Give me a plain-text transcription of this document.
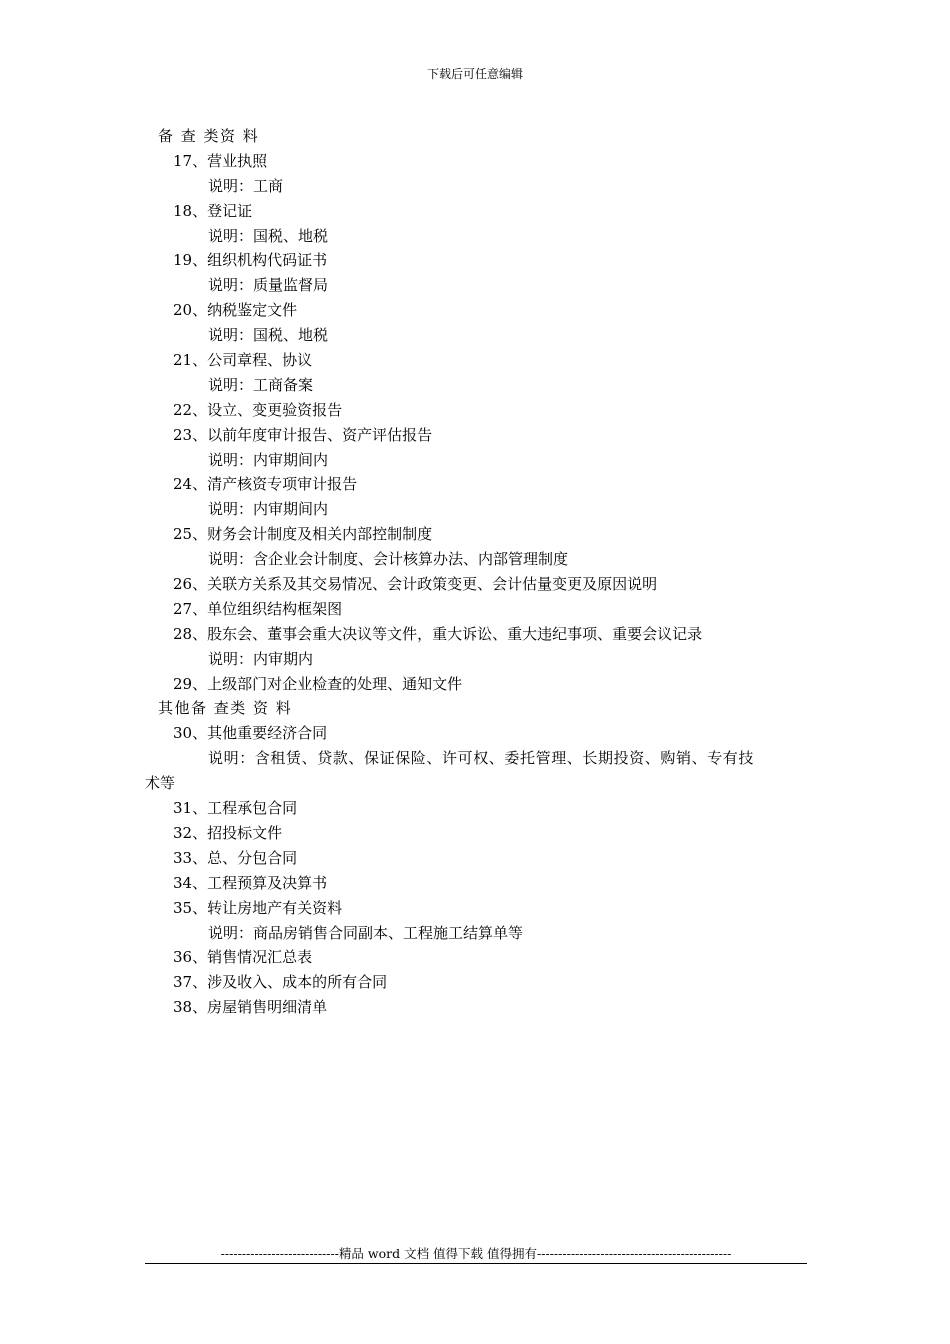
下载后可任意编辑
备 查 类资 料
17、营业执照
说明：工商
18、登记证
说明：国税、地税
19、组织机构代码证书
说明：质量监督局
20、纳税鉴定文件
说明：国税、地税
21、公司章程、协议
说明：工商备案
22、设立、变更验资报告
23、以前年度审计报告、资产评估报告
说明：内审期间内
24、清产核资专项审计报告
说明：内审期间内
25、财务会计制度及相关内部控制制度
说明：含企业会计制度、会计核算办法、内部管理制度
26、关联方关系及其交易情况、会计政策变更、会计估量变更及原因说明
27、单位组织结构框架图
28、股东会、董事会重大决议等文件，重大诉讼、重大违纪事项、重要会议记录
说明：内审期内
29、上级部门对企业检查的处理、通知文件
其他备 查类 资 料
30、其他重要经济合同
说明：含租赁、贷款、保证保险、许可权、委托管理、长期投资、购销、专有技
术等
31、工程承包合同
32、招投标文件
33、总、分包合同
34、工程预算及决算书
35、转让房地产有关资料
说明：商品房销售合同副本、工程施工结算单等
36、销售情况汇总表
37、涉及收入、成本的所有合同
38、房屋销售明细清单
----------------------------精品 word 文档 值得下载 值得拥有----------------------------------------------
